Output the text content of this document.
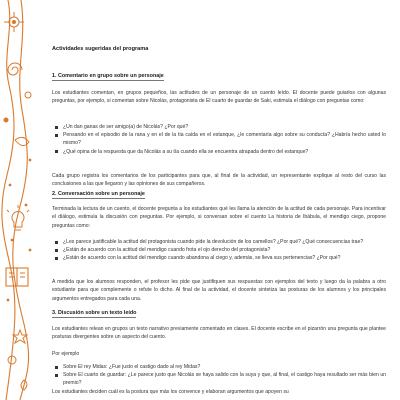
Actividades sugeridas del programa
1. Comentario en grupo sobre un personaje
Los estudiantes comentan, en grupos pequeños, las actitudes de un personaje de un cuento leído. El docente puede guiarlos con algunas preguntas, por ejemplo, si comentan sobre Nicolás, protagonista de El cuarto de guardar de Saki, estimula el diálogo con preguntas como:
¿Un dan ganas de ser amigo(a) de Nicolás? ¿Por qué?
Pensando en el episodio de la rana y en el de la tía caída en el estanque, ¿le comentaría algo sobre su conducta? ¿Habría hecho usted lo mismo?
¿Qué opina de la respuesta que da Nicolás a su tía cuando ella se encuentra atrapada dentro del estanque?
Cada grupo registra los comentarios de los participantes para que, al final de la actividad, un representante explique al resto del curso las conclusiones a las que llegaron y las opiniones de sus compañeros.
2. Conversación sobre un personaje
Terminada la lectura de un cuento, el docente pregunta a los estudiantes qué les llama la atención de la actitud de cada personaje. Para incentivar el diálogo, estimula la discusión con preguntas. Por ejemplo, si conversan sobre el cuento La historia de Ibábula, el mendigo ciego, propone preguntas como:
¿Les parece justificable la actitud del protagonista cuando pide la devolución de los camellos? ¿Por qué? ¿Qué consecuencias trae?
¿Están de acuerdo con la actitud del mendigo cuando frota el ojo derecho del protagonista?
¿Están de acuerdo con la actitud del mendigo cuando abandona al ciego y, además, se lleva sus pertenencias? ¿Por qué?
A medida que los alumnos responden, el profesor les pide que justifiquen sus respuestas con ejemplos del texto y luego da la palabra a otro estudiante para que complemente o refute lo dicho. Al final de la actividad, el docente sintetiza las posturas de los alumnos y los principales argumentos entregados para cada una.
3. Discusión sobre un texto leído
Los estudiantes relean en grupos un texto narrativo previamente comentado en clases. El docente escribe en el pizarrón una pregunta que plantee posturas divergentes sobre un aspecto del cuento.
Por ejemplo
Sobre El rey Midas: ¿Fue justo el castigo dado al rey Midas?
Sobre El cuarto de guardar: ¿Le parece justo que Nicolás se haya salido con la suya y que, al final, el castigo haya resultado ser más bien un premio?
Los estudiantes deciden cuál es la postura que más los convence y elaboran argumentos que apoyen su
